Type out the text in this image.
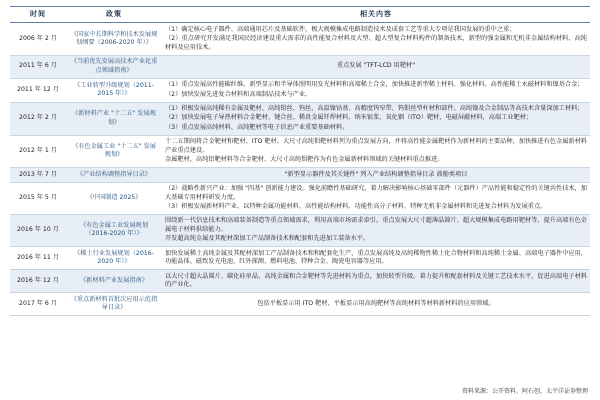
时间	政策	相关内容
2006 年 2 月	《国家中长期科学和技术发展规划纲要（2006-2020 年）》	（1）确定核心电子器件、高端通用芯片及基础软件，极大规模集成电路制造技术及成套工艺等重大专项是我国发展的重中之重；
（2）重点研究开发满足我国民经济建设重大需求的高性能复合材料及大型、超大型复合材料构件的制备技术，新型的强金属和无机非金属结构材料、高纯材料及应用技术。

2011 年 6 月	《当前优先发展高技术产业化重点领域指南》	重点发展 "TFT-LCD 用靶材"

2011 年 12 月	《工业转型升级规划（2011-2015 年）》	（1）重点发展高性能碳纤维、新型显示和半导体照明用发光材料和高端稀土合金，加快推进新型稀土材料、强化材料、高性能稀土永磁材料和镍基合金；
（2）加快发展先进复合材料和高端制品技术与产业。

2012 年 2 月	《新材料产业 "十二五" 发展规划》	（1）积极发展高纯稀有金属及靶材、高纯钼丝、钨丝、高温镍钴基、高精度钨窄带、钨钼丝型杆材和部件、高纯镍及合金制品等高技术含量深加工材料；
（2）加快发展电子导热材料合金靶材、键合丝、稀贵金属钎焊材料、纳米银浆、氧化铟（ITO）靶材、电磁屏蔽材料，高端工业靶材；
（3）重点发展高纯材料、高纯靶材等电子信息产业重要基础材料。

2012 年 1 月	《有色金属工业 "十二五" 发展规划》	十二五期间将合金靶材和靶材、ITO 靶材、大尺寸高纯钼靶材料列为重点发展方向，并将高性能金属靶材作为新材料的主要品种，加快推进有色金属新材料产业重点建设。
金属靶材、高纯铝靶材料等合金靶材、大尺寸高纯钼靶作为有色金属新材料领域的关键材料重点推进。

2013 年 7 月	《产业结构调整指导目录》	"新型显示器件及其关键件" 列入产业结构调整指导目录 鼓励类项目

2015 年 5 月	《中国制造 2025》	（2）战略性新兴产业：加强 "四基" 创新能力建设。强化前瞻性基础研究，着力解决影响核心基础零部件（元器件）产品性能和稳定性的关键共性技术，加大基础专用材料研发力度。
（3）积极发展新材料产业。以特种金属功能材料、高性能结构材料、功能性高分子材料、特种无机非金属材料和先进复合材料为发展重点。

2016 年 10 月	《有色金属工业发展规划（2016-2020 年）》	围绕新一代信息技术和高端装备制造等重点领域需求，利用高端市场需求牵引，重点发展大尺寸超薄晶圆片、超大规模集成电路用靶材等，提升高端有色金属电子材料供给能力。
开发超高纯金属及其配材深加工产品制备技术和配套和先进加工装备水平。

2016 年 11 月	《稀土行业发展规划（2016-2020 年）》	加快发展稀土高纯金属及其配材深加工产品制备技术和和配套化生产，重点发展高纯及高纯稀物性稀土化合物材料和高纯稀土金属、高端电子器件中应用，功能晶体、磁致发光电池、红外探测、燃料电池、特种合金、陶瓷电容器等应用。

2016 年 12 月	《新材料产业发展指南》	以大尺寸超大晶圆片、碳化硅单晶、高纯金属和合金靶材等先进材料为重点，加快转型升级。着力提升和配套材料及关键工艺技术水平，促进高端电子材料的产业化。

2017 年 6 月	《重点新材料首批次应用示范指导目录》	包括平板显示用 ITO 靶材、平板显示用高纯靶材等高纯材料等材料新材料的应用领域。
资料来源：公开资料，阿石创，太平洋证券整理
